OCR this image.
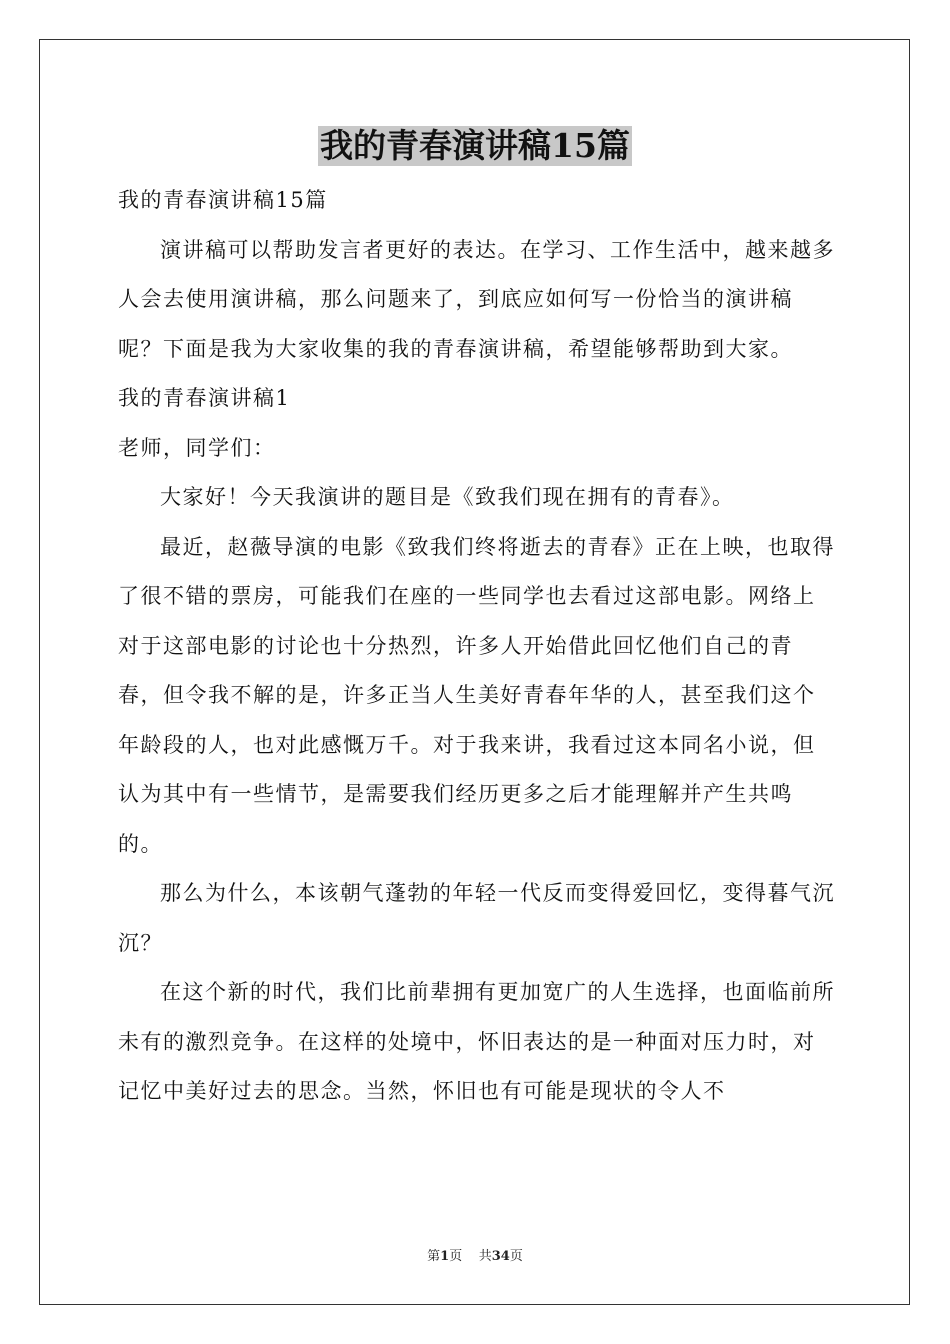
我的青春演讲稿15篇

我的青春演讲稿15篇

演讲稿可以帮助发言者更好的表达。在学习、工作生活中，越来越多人会去使用演讲稿，那么问题来了，到底应如何写一份恰当的演讲稿呢？下面是我为大家收集的我的青春演讲稿，希望能够帮助到大家。

我的青春演讲稿1

老师，同学们：

大家好！今天我演讲的题目是《致我们现在拥有的青春》。

最近，赵薇导演的电影《致我们终将逝去的青春》正在上映，也取得了很不错的票房，可能我们在座的一些同学也去看过这部电影。网络上对于这部电影的讨论也十分热烈，许多人开始借此回忆他们自己的青春，但令我不解的是，许多正当人生美好青春年华的人，甚至我们这个年龄段的人，也对此感慨万千。对于我来讲，我看过这本同名小说，但认为其中有一些情节，是需要我们经历更多之后才能理解并产生共鸣的。

那么为什么，本该朝气蓬勃的年轻一代反而变得爱回忆，变得暮气沉沉？

在这个新的时代，我们比前辈拥有更加宽广的人生选择，也面临前所未有的激烈竞争。在这样的处境中，怀旧表达的是一种面对压力时，对记忆中美好过去的思念。当然，怀旧也有可能是现状的令人不

第1页 共34页
